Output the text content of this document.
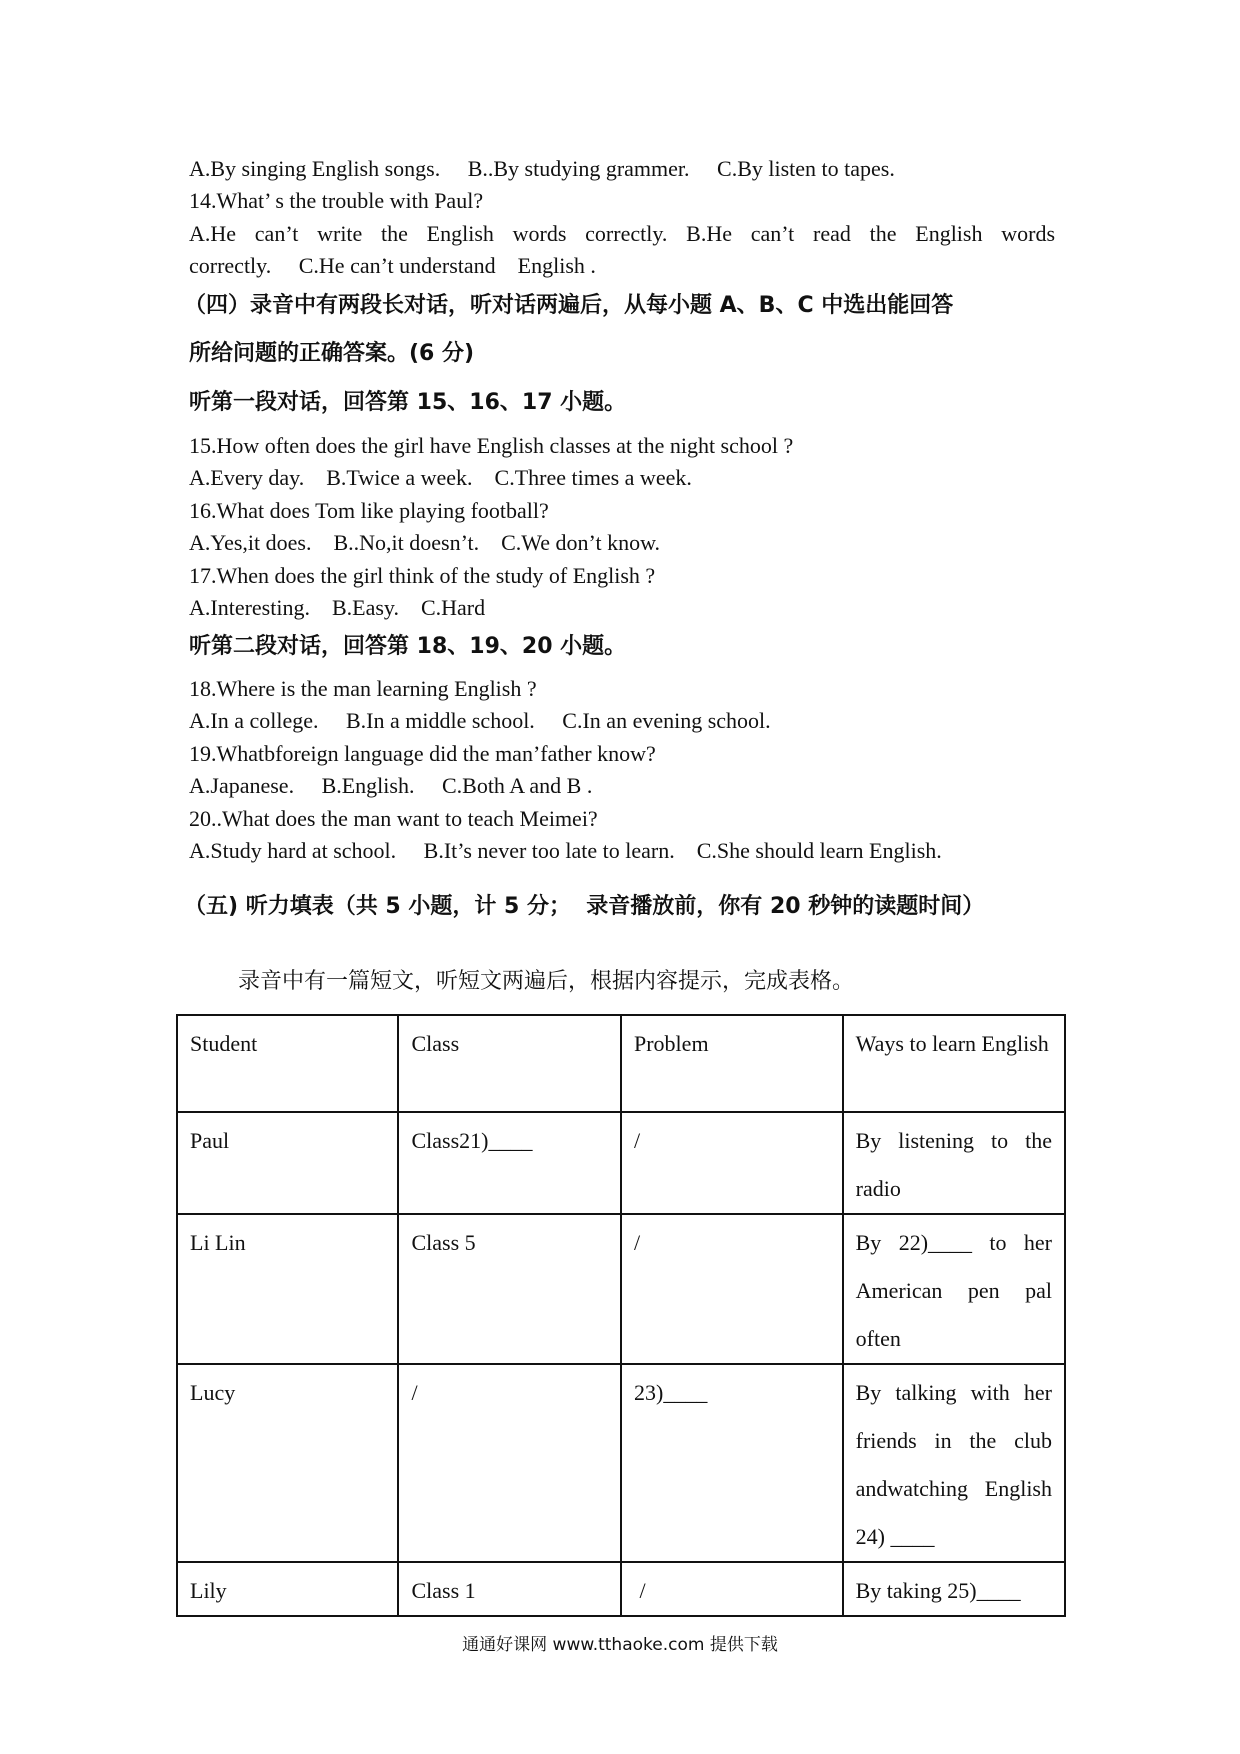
A.By singing English songs.     B..By studying grammer.     C.By listen to tapes.
14.What’ s the trouble with Paul?
A.He can’t write the English words correctly. B.He can’t read the English words
correctly.     C.He can’t understand    English .
（四）录音中有两段长对话，听对话两遍后，从每小题 A、B、C 中选出能回答
所给问题的正确答案。(6 分)
听第一段对话，回答第 15、16、17 小题。
15.How often does the girl have English classes at the night school ?
A.Every day.    B.Twice a week.    C.Three times a week.
16.What does Tom like playing football?
A.Yes,it does.    B..No,it doesn’t.    C.We don’t know.
17.When does the girl think of the study of English ?
A.Interesting.    B.Easy.    C.Hard
听第二段对话，回答第 18、19、20 小题。
18.Where is the man learning English ?
A.In a college.     B.In a middle school.     C.In an evening school.
19.Whatbforeign language did the man’father know?
A.Japanese.     B.English.     C.Both A and B .
20..What does the man want to teach Meimei?
A.Study hard at school.     B.It’s never too late to learn.    C.She should learn English.
（五) 听力填表（共 5 小题，计 5 分；  录音播放前，你有 20 秒钟的读题时间）
录音中有一篇短文，听短文两遍后，根据内容提示，完成表格。
Student	Class	Problem	Ways to learn English
Paul	Class21)____	/	By listening to the radio
Li Lin	Class 5	/	By 22)____ to her American pen pal often
Lucy	/	23)____	By talking with her friends in the club andwatching English 24) ____
Lily	Class 1	/	By taking 25)____
通通好课网 www.tthaoke.com 提供下载
